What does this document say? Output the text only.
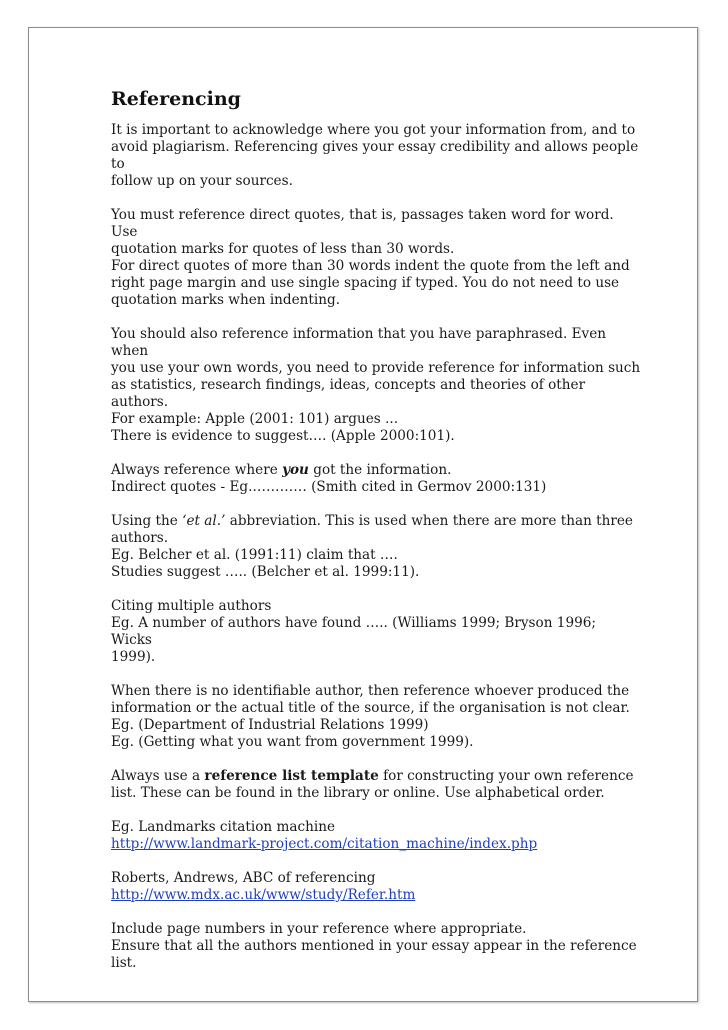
Referencing

It is important to acknowledge where you got your information from, and to
avoid plagiarism. Referencing gives your essay credibility and allows people to
follow up on your sources.

You must reference direct quotes, that is, passages taken word for word. Use
quotation marks for quotes of less than 30 words.
For direct quotes of more than 30 words indent the quote from the left and
right page margin and use single spacing if typed. You do not need to use
quotation marks when indenting.

You should also reference information that you have paraphrased. Even when
you use your own words, you need to provide reference for information such
as statistics, research findings, ideas, concepts and theories of other authors.
For example: Apple (2001: 101) argues ...
There is evidence to suggest…. (Apple 2000:101).

Always reference where you got the information.
Indirect quotes - Eg.………… (Smith cited in Germov 2000:131)

Using the ‘et al.’ abbreviation. This is used when there are more than three
authors.
Eg. Belcher et al. (1991:11) claim that ….
Studies suggest ….. (Belcher et al. 1999:11).

Citing multiple authors
Eg. A number of authors have found ….. (Williams 1999; Bryson 1996; Wicks
1999).

When there is no identifiable author, then reference whoever produced the
information or the actual title of the source, if the organisation is not clear.
Eg. (Department of Industrial Relations 1999)
Eg. (Getting what you want from government 1999).

Always use a reference list template for constructing your own reference
list. These can be found in the library or online. Use alphabetical order.

Eg. Landmarks citation machine
http://www.landmark-project.com/citation_machine/index.php

Roberts, Andrews, ABC of referencing
http://www.mdx.ac.uk/www/study/Refer.htm

Include page numbers in your reference where appropriate.
Ensure that all the authors mentioned in your essay appear in the reference
list.
